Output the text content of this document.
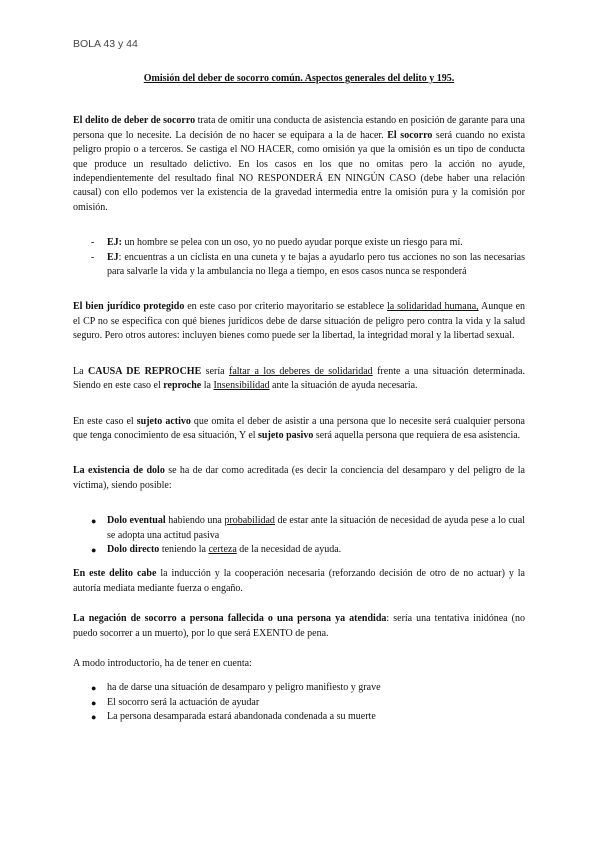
BOLA 43 y 44

Omisión del deber de socorro común. Aspectos generales del delito y 195.

El delito de deber de socorro trata de omitir una conducta de asistencia estando en posición de garante para una persona que lo necesite. La decisión de no hacer se equipara a la de hacer. El socorro será cuando no exista peligro propio o a terceros. Se castiga el NO HACER, como omisión ya que la omisión es un tipo de conducta que produce un resultado delictivo. En los casos en los que no omitas pero la acción no ayude, independientemente del resultado final NO RESPONDERÁ EN NINGÚN CASO (debe haber una relación causal) con ello podemos ver la existencia de la gravedad intermedia entre la omisión pura y la comisión por omisión.

- EJ: un hombre se pelea con un oso, yo no puedo ayudar porque existe un riesgo para mí.
- EJ: encuentras a un ciclista en una cuneta y te bajas a ayudarlo pero tus acciones no son las necesarias para salvarle la vida y la ambulancia no llega a tiempo, en esos casos nunca se responderá

El bien jurídico protegido en este caso por criterio mayoritario se establece la solidaridad humana, Aunque en el CP no se especifica con qué bienes jurídicos debe de darse situación de peligro pero contra la vida y la salud seguro. Pero otros autores: incluyen bienes como puede ser la libertad, la integridad moral y la libertad sexual.

La CAUSA DE REPROCHE sería faltar a los deberes de solidaridad frente a una situación determinada. Siendo en este caso el reproche la Insensibilidad ante la situación de ayuda necesaria.

En este caso el sujeto activo que omita el deber de asistir a una persona que lo necesite será cualquier persona que tenga conocimiento de esa situación, Y el sujeto pasivo será aquella persona que requiera de esa asistencia.

La existencia de dolo se ha de dar como acreditada (es decir la conciencia del desamparo y del peligro de la víctima), siendo posible:

● Dolo eventual habiendo una probabilidad de estar ante la situación de necesidad de ayuda pese a lo cual se adopta una actitud pasiva
● Dolo directo teniendo la certeza de la necesidad de ayuda.

En este delito cabe la inducción y la cooperación necesaria (reforzando decisión de otro de no actuar) y la autoría mediata mediante fuerza o engaño.

La negación de socorro a persona fallecida o una persona ya atendida: sería una tentativa inidónea (no puedo socorrer a un muerto), por lo que será EXENTO de pena.

A modo introductorio, ha de tener en cuenta:

● ha de darse una situación de desamparo y peligro manifiesto y grave
● El socorro será la actuación de ayudar
● La persona desamparada estará abandonada condenada a su muerte
